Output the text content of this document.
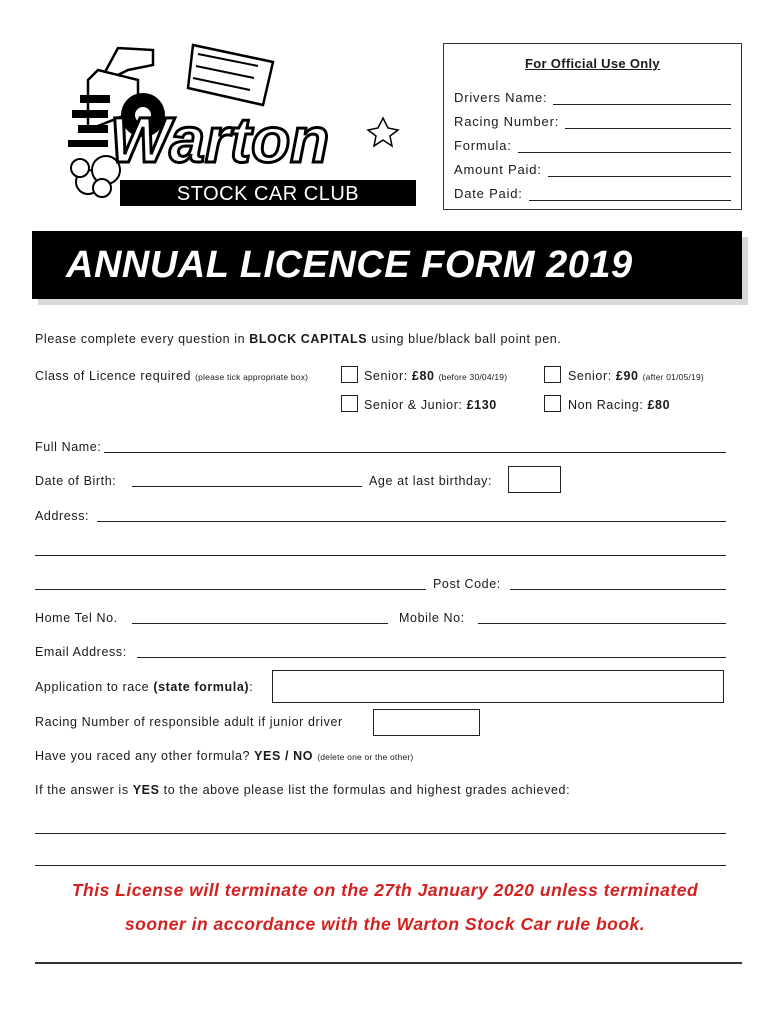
Warton
STOCK CAR CLUB
For Official Use Only
Drivers Name:
Racing Number:
Formula:
Amount Paid:
Date Paid:
ANNUAL LICENCE FORM 2019
Please complete every question in BLOCK CAPITALS using blue/black ball point pen.
Class of Licence required (please tick appropriate box)	Senior: £80 (before 30/04/19)	Senior: £90 (after 01/05/19)
Senior & Junior: £130	Non Racing: £80
Full Name:
Date of Birth:	Age at last birthday:
Address:
Post Code:
Home Tel No.	Mobile No:
Email Address:
Application to race (state formula):
Racing Number of responsible adult if junior driver
Have you raced any other formula? YES / NO (delete one or the other)
If the answer is YES to the above please list the formulas and highest grades achieved:
This License will terminate on the 27th January 2020 unless terminated
sooner in accordance with the Warton Stock Car rule book.
